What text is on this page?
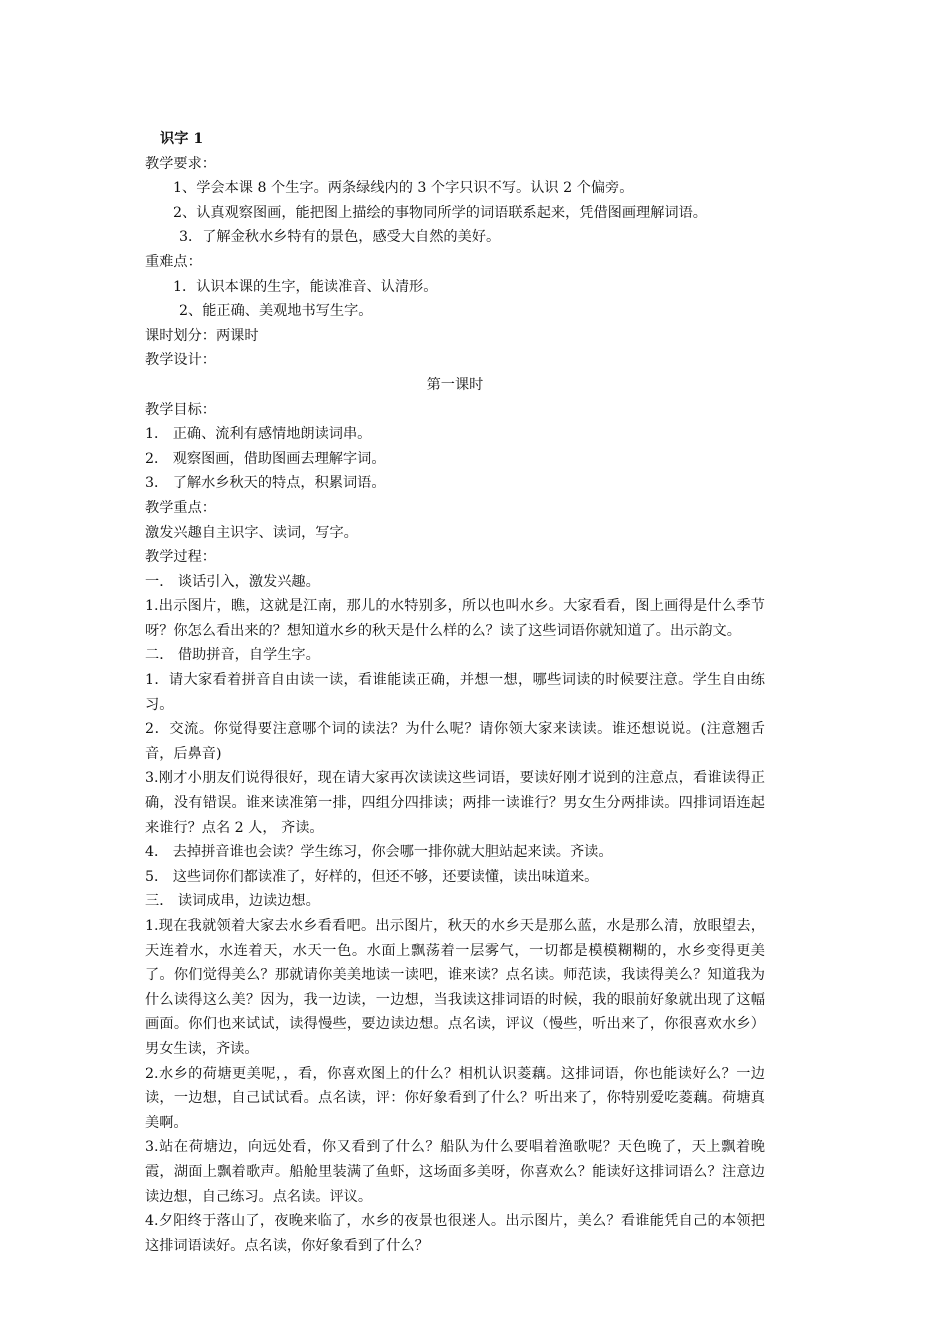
识字 1

教学要求：

1、学会本课 8 个生字。两条绿线内的 3 个字只识不写。认识 2 个偏旁。

2、认真观察图画，能把图上描绘的事物同所学的词语联系起来，凭借图画理解词语。

3．了解金秋水乡特有的景色，感受大自然的美好。

重难点：

1．认识本课的生字，能读准音、认清形。

2、能正确、美观地书写生字。

课时划分：两课时

教学设计：

第一课时

教学目标：

1． 正确、流利有感情地朗读词串。

2． 观察图画，借助图画去理解字词。

3． 了解水乡秋天的特点，积累词语。

教学重点：

激发兴趣自主识字、读词，写字。

教学过程：

一． 谈话引入，激发兴趣。

1.出示图片，瞧，这就是江南，那儿的水特别多，所以也叫水乡。大家看看，图上画得是什么季节呀？你怎么看出来的？想知道水乡的秋天是什么样的么？读了这些词语你就知道了。出示韵文。

二． 借助拼音，自学生字。

1．请大家看着拼音自由读一读，看谁能读正确，并想一想，哪些词读的时候要注意。学生自由练习。

2．交流。你觉得要注意哪个词的读法？为什么呢？请你领大家来读读。谁还想说说。(注意翘舌音，后鼻音)

3.刚才小朋友们说得很好，现在请大家再次读读这些词语，要读好刚才说到的注意点，看谁读得正确，没有错误。谁来读准第一排，四组分四排读；两排一读谁行？男女生分两排读。四排词语连起来谁行？点名 2 人， 齐读。

4． 去掉拼音谁也会读？学生练习，你会哪一排你就大胆站起来读。齐读。

5． 这些词你们都读准了，好样的，但还不够，还要读懂，读出味道来。

三． 读词成串，边读边想。

1.现在我就领着大家去水乡看看吧。出示图片，秋天的水乡天是那么蓝，水是那么清，放眼望去，天连着水，水连着天，水天一色。水面上飘荡着一层雾气，一切都是模模糊糊的，水乡变得更美了。你们觉得美么？那就请你美美地读一读吧，谁来读？点名读。师范读，我读得美么？知道我为什么读得这么美？因为，我一边读，一边想，当我读这排词语的时候，我的眼前好象就出现了这幅画面。你们也来试试，读得慢些，要边读边想。点名读，评议（慢些，听出来了，你很喜欢水乡）男女生读，齐读。

2.水乡的荷塘更美呢，，看，你喜欢图上的什么？相机认识菱藕。这排词语，你也能读好么？一边读，一边想，自己试试看。点名读，评：你好象看到了什么？听出来了，你特别爱吃菱藕。荷塘真美啊。

3.站在荷塘边，向远处看，你又看到了什么？船队为什么要唱着渔歌呢？天色晚了，天上飘着晚霞，湖面上飘着歌声。船舱里装满了鱼虾，这场面多美呀，你喜欢么？能读好这排词语么？注意边读边想，自己练习。点名读。评议。

4.夕阳终于落山了，夜晚来临了，水乡的夜景也很迷人。出示图片，美么？看谁能凭自己的本领把这排词语读好。点名读，你好象看到了什么？
